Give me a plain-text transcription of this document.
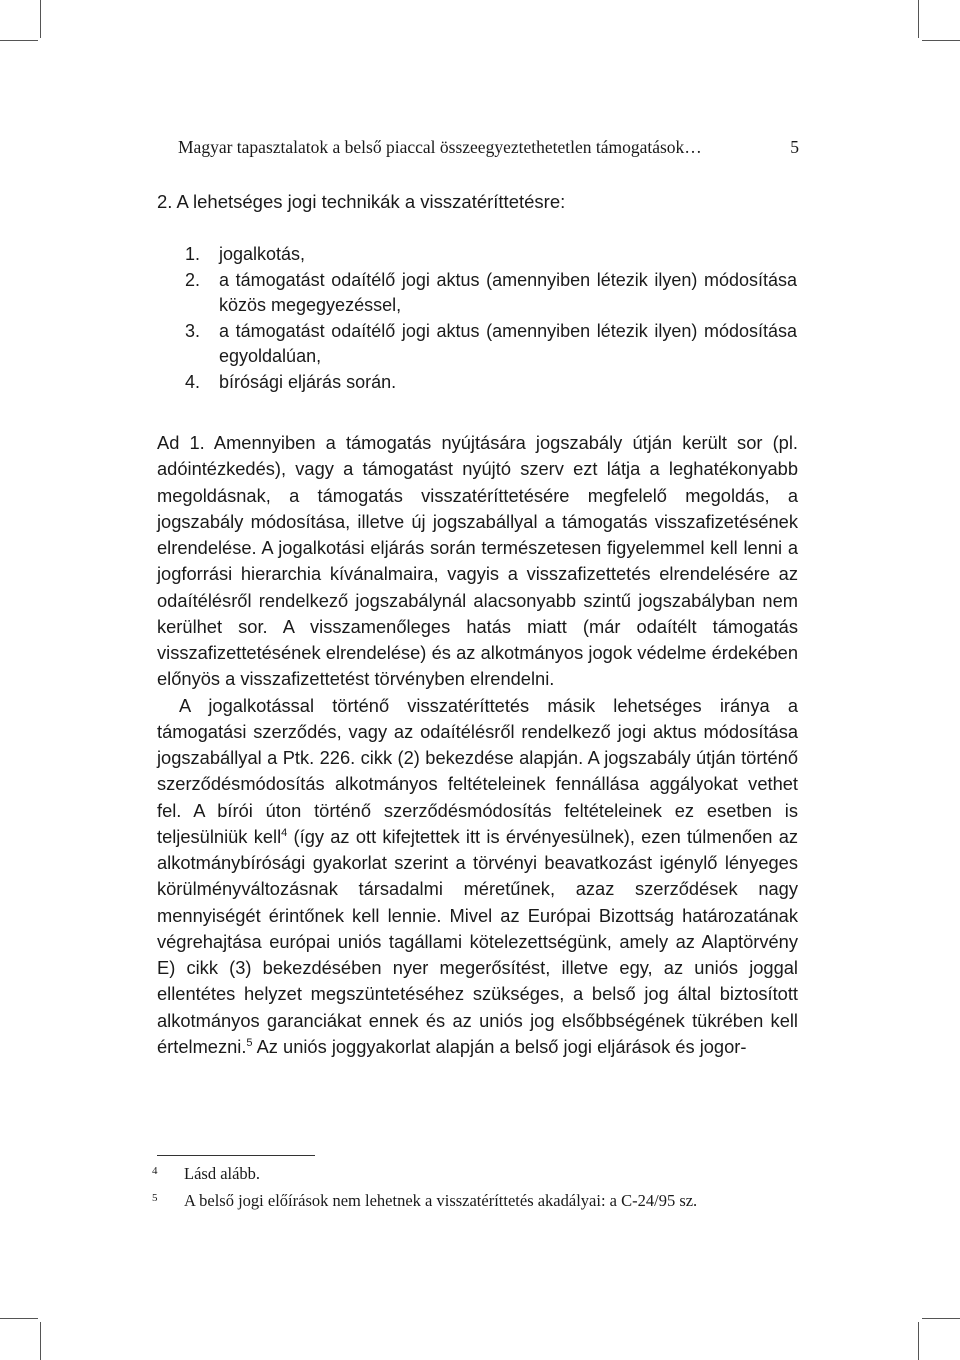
Magyar tapasztalatok a belső piaccal összeegyeztethetetlen támogatások…	5
2. A lehetséges jogi technikák a visszatéríttetésre:
1. jogalkotás,
2. a támogatást odaítélő jogi aktus (amennyiben létezik ilyen) módosítása közös megegyezéssel,
3. a támogatást odaítélő jogi aktus (amennyiben létezik ilyen) módosítása egyoldalúan,
4. bírósági eljárás során.

Ad 1. Amennyiben a támogatás nyújtására jogszabály útján került sor (pl. adóintézkedés), vagy a támogatást nyújtó szerv ezt látja a leghatékonyabb megoldásnak, a támogatás visszatéríttetésére megfelelő megoldás, a jogszabály módosítása, illetve új jogszabállyal a támogatás visszafizetésének elrendelése. A jogalkotási eljárás során természetesen figyelemmel kell lenni a jogforrási hierarchia kívánalmaira, vagyis a visszafizettetés elrendelésére az odaítélésről rendelkező jogszabálynál alacsonyabb szintű jogszabályban nem kerülhet sor. A visszamenőleges hatás miatt (már odaítélt támogatás visszafizettetésének elrendelése) és az alkotmányos jogok védelme érdekében előnyös a visszafizettetést törvényben elrendelni.

A jogalkotással történő visszatéríttetés másik lehetséges iránya a támogatási szerződés, vagy az odaítélésről rendelkező jogi aktus módosítása jogszabállyal a Ptk. 226. cikk (2) bekezdése alapján. A jogszabály útján történő szerződésmódosítás alkotmányos feltételeinek fennállása aggályokat vethet fel. A bírói úton történő szerződésmódosítás feltételeinek ez esetben is teljesülniük kell$^4$ (így az ott kifejtettek itt is érvényesülnek), ezen túlmenően az alkotmánybírósági gyakorlat szerint a törvényi beavatkozást igénylő lényeges körülményváltozásnak társadalmi méretűnek, azaz szerződések nagy mennyiségét érintőnek kell lennie. Mivel az Európai Bizottság határozatának végrehajtása európai uniós tagállami kötelezettségünk, amely az Alaptörvény E) cikk (3) bekezdésében nyer megerősítést, illetve egy, az uniós joggal ellentétes helyzet megszüntetéséhez szükséges, a belső jog által biztosított alkotmányos garanciákat ennek és az uniós jog elsőbbségének tükrében kell értelmezni.$^5$ Az uniós joggyakorlat alapján a belső jogi eljárások és jogor-

4 Lásd alább.
5 A belső jogi előírások nem lehetnek a visszatéríttetés akadályai: a C-24/95 sz.
